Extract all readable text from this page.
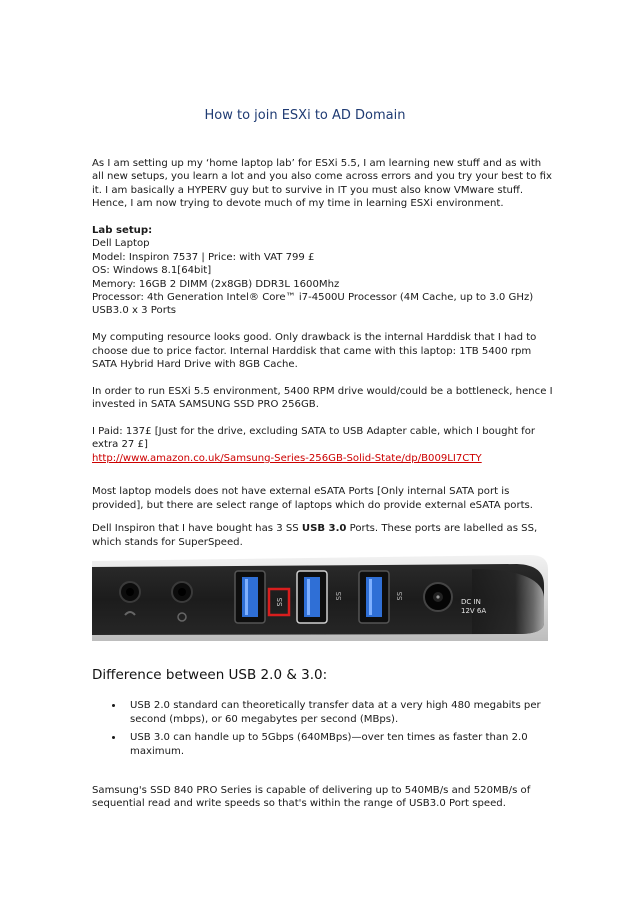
How to join ESXi to AD Domain

As I am setting up my ‘home laptop lab’ for ESXi 5.5, I am learning new stuff and as with all new setups, you learn a lot and you also come across errors and you try your best to fix it. I am basically a HYPERV guy but to survive in IT you must also know VMware stuff. Hence, I am now trying to devote much of my time in learning ESXi environment.

Lab setup:
Dell Laptop
Model: Inspiron 7537 | Price: with VAT 799 £
OS: Windows 8.1[64bit]
Memory: 16GB 2 DIMM (2x8GB) DDR3L 1600Mhz
Processor: 4th Generation Intel® Core™ i7-4500U Processor (4M Cache, up to 3.0 GHz)
USB3.0 x 3 Ports

My computing resource looks good. Only drawback is the internal Harddisk that I had to choose due to price factor. Internal Harddisk that came with this laptop: 1TB 5400 rpm SATA Hybrid Hard Drive with 8GB Cache.

In order to run ESXi 5.5 environment, 5400 RPM drive would/could be a bottleneck, hence I invested in SATA SAMSUNG SSD PRO 256GB.

I Paid: 137£ [Just for the drive, excluding SATA to USB Adapter cable, which I bought for extra 27 £]
http://www.amazon.co.uk/Samsung-Series-256GB-Solid-State/dp/B009LI7CTY

Most laptop models does not have external eSATA Ports [Only internal SATA port is provided], but there are select range of laptops which do provide external eSATA ports.

Dell Inspiron that I have bought has 3 SS USB 3.0 Ports. These ports are labelled as SS, which stands for SuperSpeed.

SS
SS	SS
DC IN
12V 6A
Difference between USB 2.0 & 3.0:
• USB 2.0 standard can theoretically transfer data at a very high 480 megabits per second (mbps), or 60 megabytes per second (MBps).
• USB 3.0 can handle up to 5Gbps (640MBps)—over ten times as faster than 2.0 maximum.

Samsung's SSD 840 PRO Series is capable of delivering up to 540MB/s and 520MB/s of sequential read and write speeds so that's within the range of USB3.0 Port speed.
